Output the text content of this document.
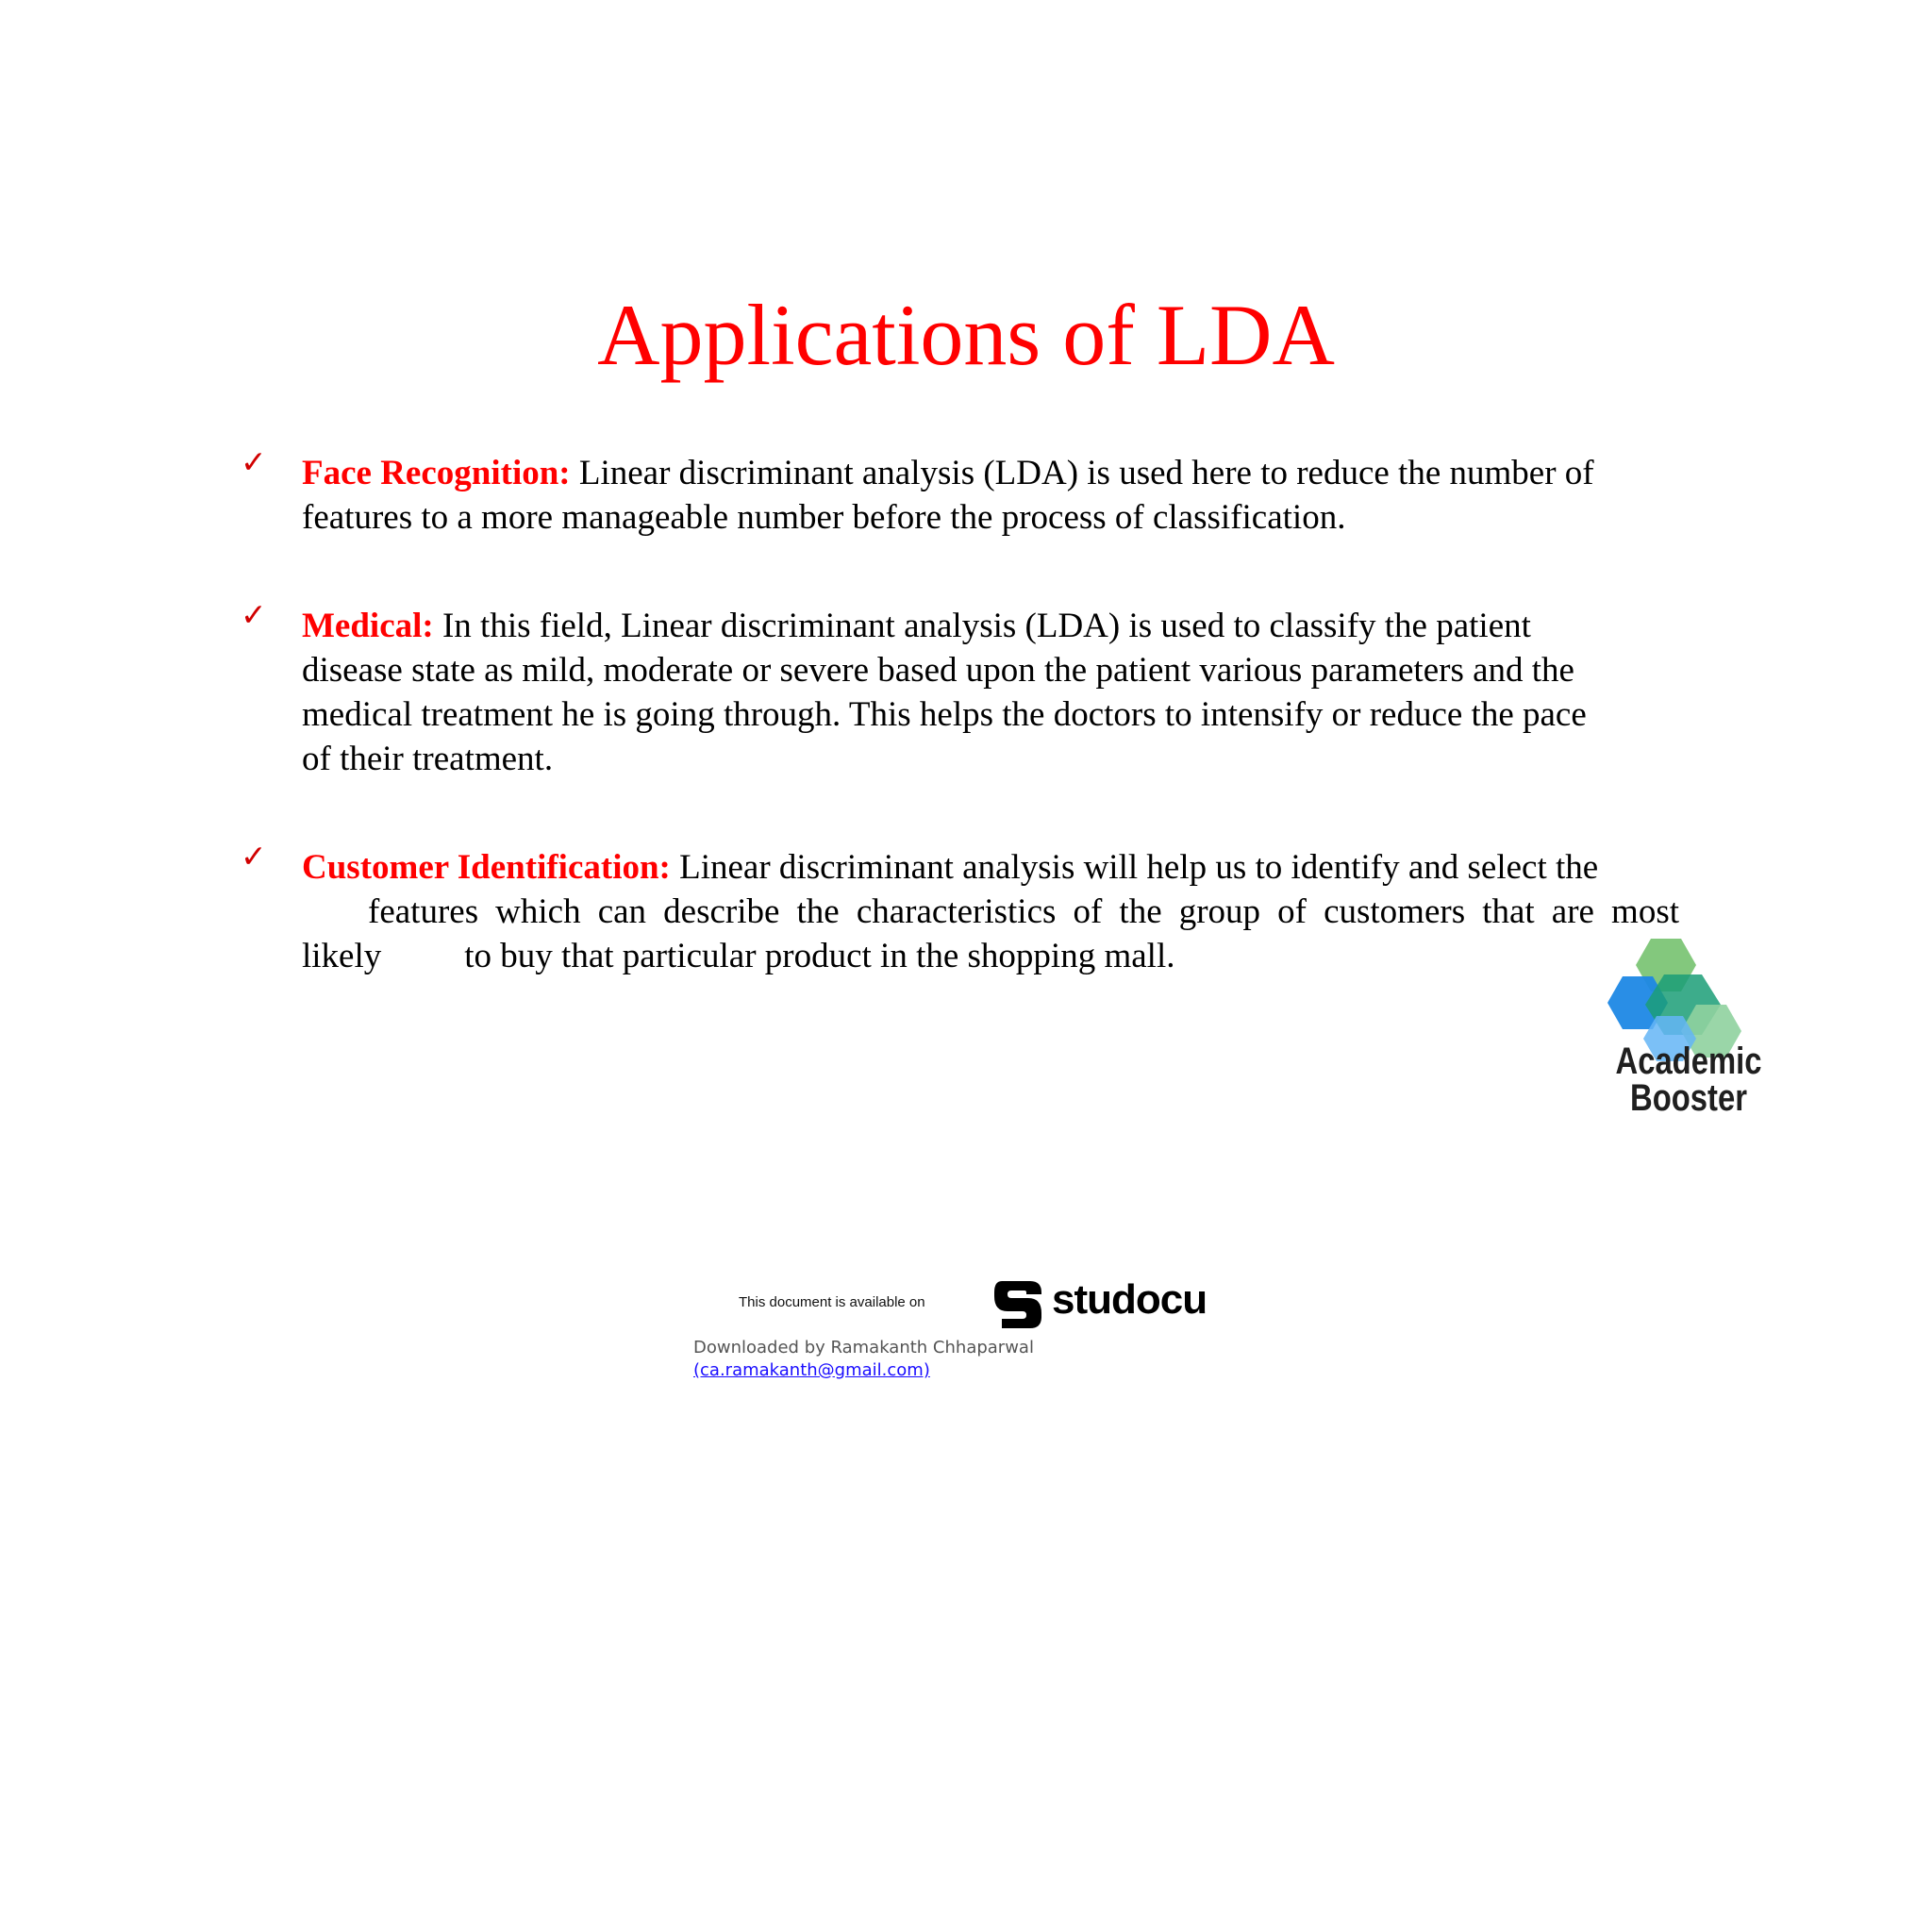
Applications of LDA
✓ Face Recognition: Linear discriminant analysis (LDA) is used here to reduce the number of
features to a more manageable number before the process of classification.
✓ Medical: In this field, Linear discriminant analysis (LDA) is used to classify the patient
disease state as mild, moderate or severe based upon the patient various parameters and the
medical treatment he is going through. This helps the doctors to intensify or reduce the pace
of their treatment.
✓ Customer Identification: Linear discriminant analysis will help us to identify and select the
features which can describe the characteristics of the group of customers that are most
likely to buy that particular product in the shopping mall.
Academic
Booster
This document is available on	studocu
Downloaded by Ramakanth Chhaparwal
(ca.ramakanth@gmail.com)
